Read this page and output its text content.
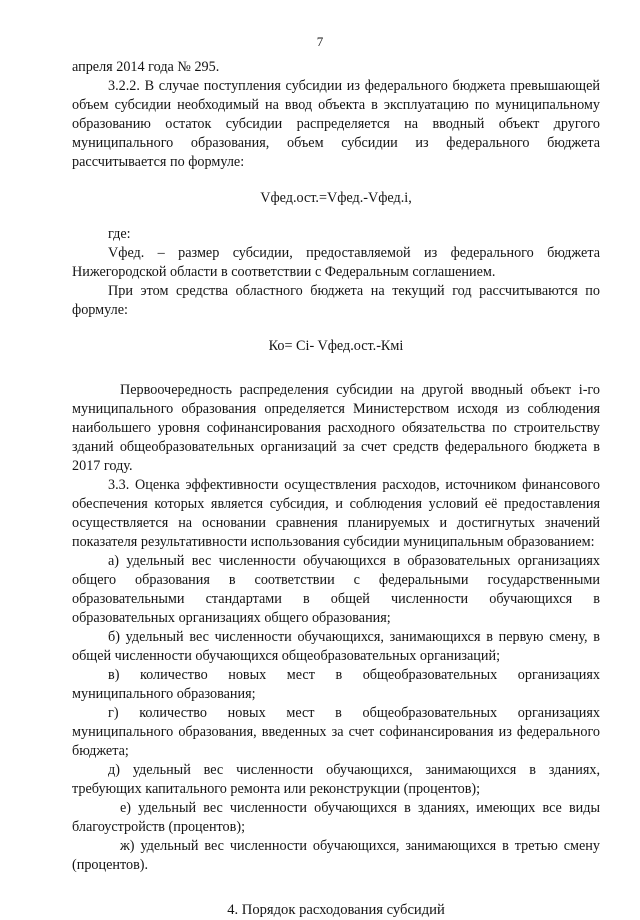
7

апреля 2014 года № 295.

3.2.2. В случае поступления субсидии из федерального бюджета превышающей объем субсидии необходимый на ввод объекта в эксплуатацию по муниципальному образованию остаток субсидии распределяется на вводный объект другого муниципального образования, объем субсидии из федерального бюджета рассчитывается по формуле:

Vфед.ост.=Vфед.-Vфед.i,

где:

Vфед. – размер субсидии, предоставляемой из федерального бюджета Нижегородской области в соответствии с Федеральным соглашением.

При этом средства областного бюджета на текущий год рассчитываются по формуле:

Ко= Ci- Vфед.ост.-Кмi

Первоочередность распределения субсидии на другой вводный объект i-го муниципального образования определяется Министерством исходя из соблюдения наибольшего уровня софинансирования расходного обязательства по строительству зданий общеобразовательных организаций за счет средств федерального бюджета в 2017 году.

3.3. Оценка эффективности осуществления расходов, источником финансового обеспечения которых является субсидия, и соблюдения условий её предоставления осуществляется на основании сравнения планируемых и достигнутых значений показателя результативности использования субсидии муниципальным образованием:

а) удельный вес численности обучающихся в образовательных организациях общего образования в соответствии с федеральными государственными образовательными стандартами в общей численности обучающихся в образовательных организациях общего образования;

б) удельный вес численности обучающихся, занимающихся в первую смену, в общей численности обучающихся общеобразовательных организаций;

в) количество новых мест в общеобразовательных организациях муниципального образования;

г) количество новых мест в общеобразовательных организациях муниципального образования, введенных за счет софинансирования из федерального бюджета;

д) удельный вес численности обучающихся, занимающихся в зданиях, требующих капитального ремонта или реконструкции (процентов);

е) удельный вес численности обучающихся в зданиях, имеющих все виды благоустройств (процентов);

ж) удельный вес численности обучающихся, занимающихся в третью смену (процентов).

4. Порядок расходования субсидий
